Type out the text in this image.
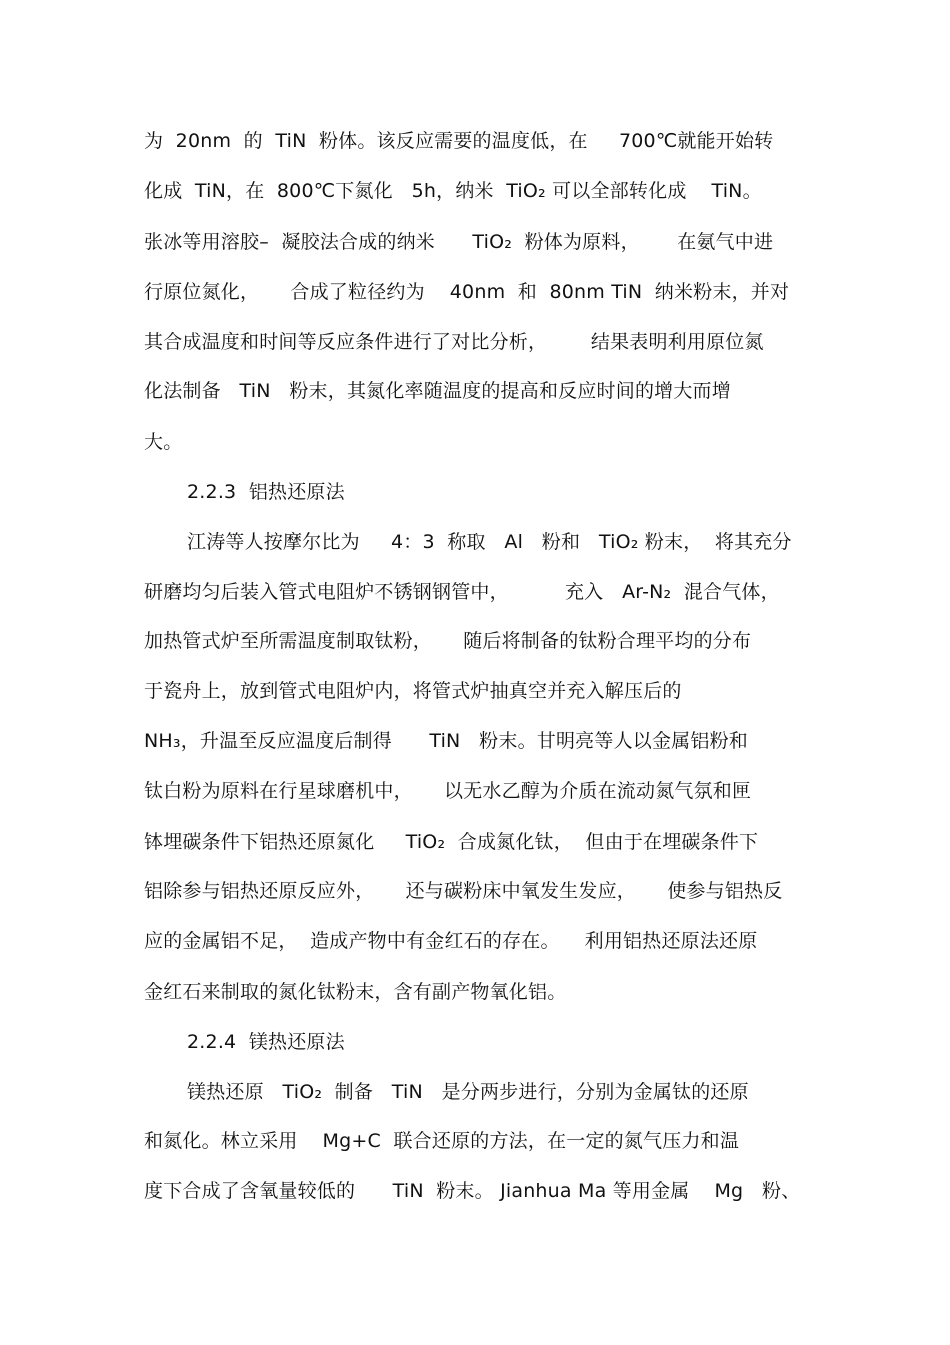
为  20nm  的  TiN  粉体。该反应需要的温度低，在     700℃就能开始转
化成  TiN，在  800℃下氮化   5h，纳米  TiO₂ 可以全部转化成    TiN。
张冰等用溶胶–  凝胶法合成的纳米      TiO₂  粉体为原料，      在氨气中进
行原位氮化，     合成了粒径约为    40nm  和  80nm TiN  纳米粉末，并对
其合成温度和时间等反应条件进行了对比分析，       结果表明利用原位氮
化法制备   TiN   粉末，其氮化率随温度的提高和反应时间的增大而增
大。
2.2.3  铝热还原法
江涛等人按摩尔比为     4：3  称取   Al   粉和   TiO₂ 粉末，  将其充分
研磨均匀后装入管式电阻炉不锈钢钢管中，         充入   Ar-N₂  混合气体，
加热管式炉至所需温度制取钛粉，     随后将制备的钛粉合理平均的分布
于瓷舟上，放到管式电阻炉内，将管式炉抽真空并充入解压后的
NH₃，升温至反应温度后制得      TiN   粉末。甘明亮等人以金属铝粉和
钛白粉为原料在行星球磨机中，     以无水乙醇为介质在流动氮气氛和匣
钵埋碳条件下铝热还原氮化     TiO₂  合成氮化钛，  但由于在埋碳条件下
铝除参与铝热还原反应外，     还与碳粉床中氧发生发应，     使参与铝热反
应的金属铝不足，  造成产物中有金红石的存在。    利用铝热还原法还原
金红石来制取的氮化钛粉末，含有副产物氧化铝。
2.2.4  镁热还原法
镁热还原   TiO₂  制备   TiN   是分两步进行，分别为金属钛的还原
和氮化。林立采用    Mg+C  联合还原的方法，在一定的氮气压力和温
度下合成了含氧量较低的      TiN  粉末。 Jianhua Ma 等用金属    Mg   粉、
